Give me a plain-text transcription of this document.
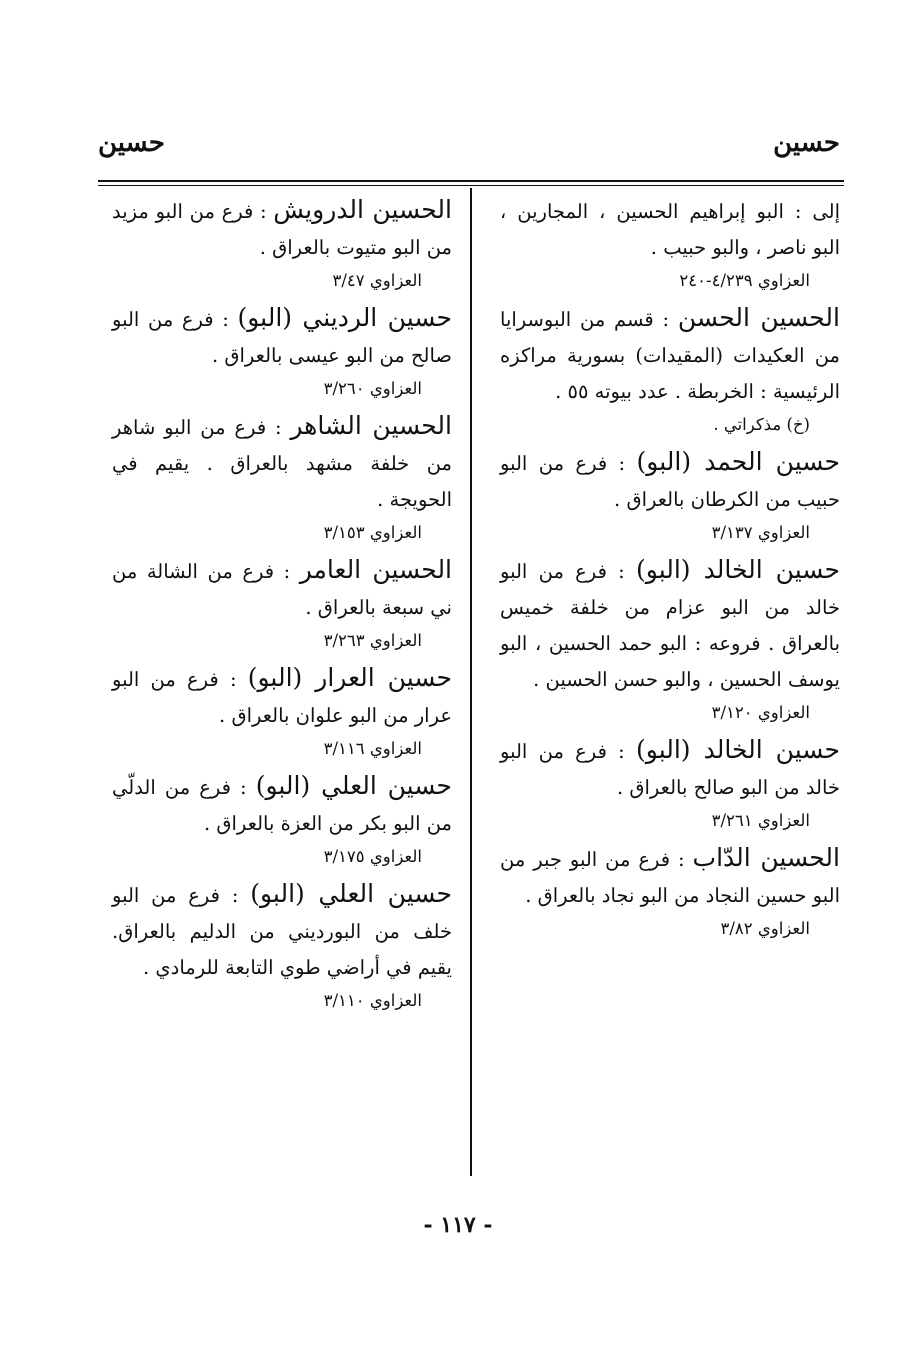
حسين
حسين
إلى : البو إبراهيم الحسين ، المجارين ، البو ناصر ، والبو حبيب .
العزاوي ٤/٢٣٩-٢٤٠
الحسين الحسن : قسم من البوسرايا من العكيدات (المقيدات) بسورية مراكزه الرئيسية : الخربطة . عدد بيوته ٥٥ .
(خ) مذكراتي .
حسين الحمد (البو) : فرع من البو حبيب من الكرطان بالعراق .
العزاوي ٣/١٣٧
حسين الخالد (البو) : فرع من البو خالد من البو عزام من خلفة خميس بالعراق . فروعه : البو حمد الحسين ، البو يوسف الحسين ، والبو حسن الحسين .
العزاوي ٣/١٢٠
حسين الخالد (البو) : فرع من البو خالد من البو صالح بالعراق .
العزاوي ٣/٢٦١
الحسين الدّاب : فرع من البو جبر من البو حسين النجاد من البو نجاد بالعراق .
العزاوي ٣/٨٢
الحسين الدرويش : فرع من البو مزيد من البو متيوت بالعراق .
العزاوي ٣/٤٧
حسين الرديني (البو) : فرع من البو صالح من البو عيسى بالعراق .
العزاوي ٣/٢٦٠
الحسين الشاهر : فرع من البو شاهر من خلفة مشهد بالعراق . يقيم في الحويجة .
العزاوي ٣/١٥٣
الحسين العامر : فرع من الشالة من ني سبعة بالعراق .
العزاوي ٣/٢٦٣
حسين العرار (البو) : فرع من البو عرار من البو علوان بالعراق .
العزاوي ٣/١١٦
حسين العلي (البو) : فرع من الدلّي من البو بكر من العزة بالعراق .
العزاوي ٣/١٧٥
حسين العلي (البو) : فرع من البو خلف من البورديني من الدليم بالعراق. يقيم في أراضي طوي التابعة للرمادي .
العزاوي ٣/١١٠
- ١١٧ -
